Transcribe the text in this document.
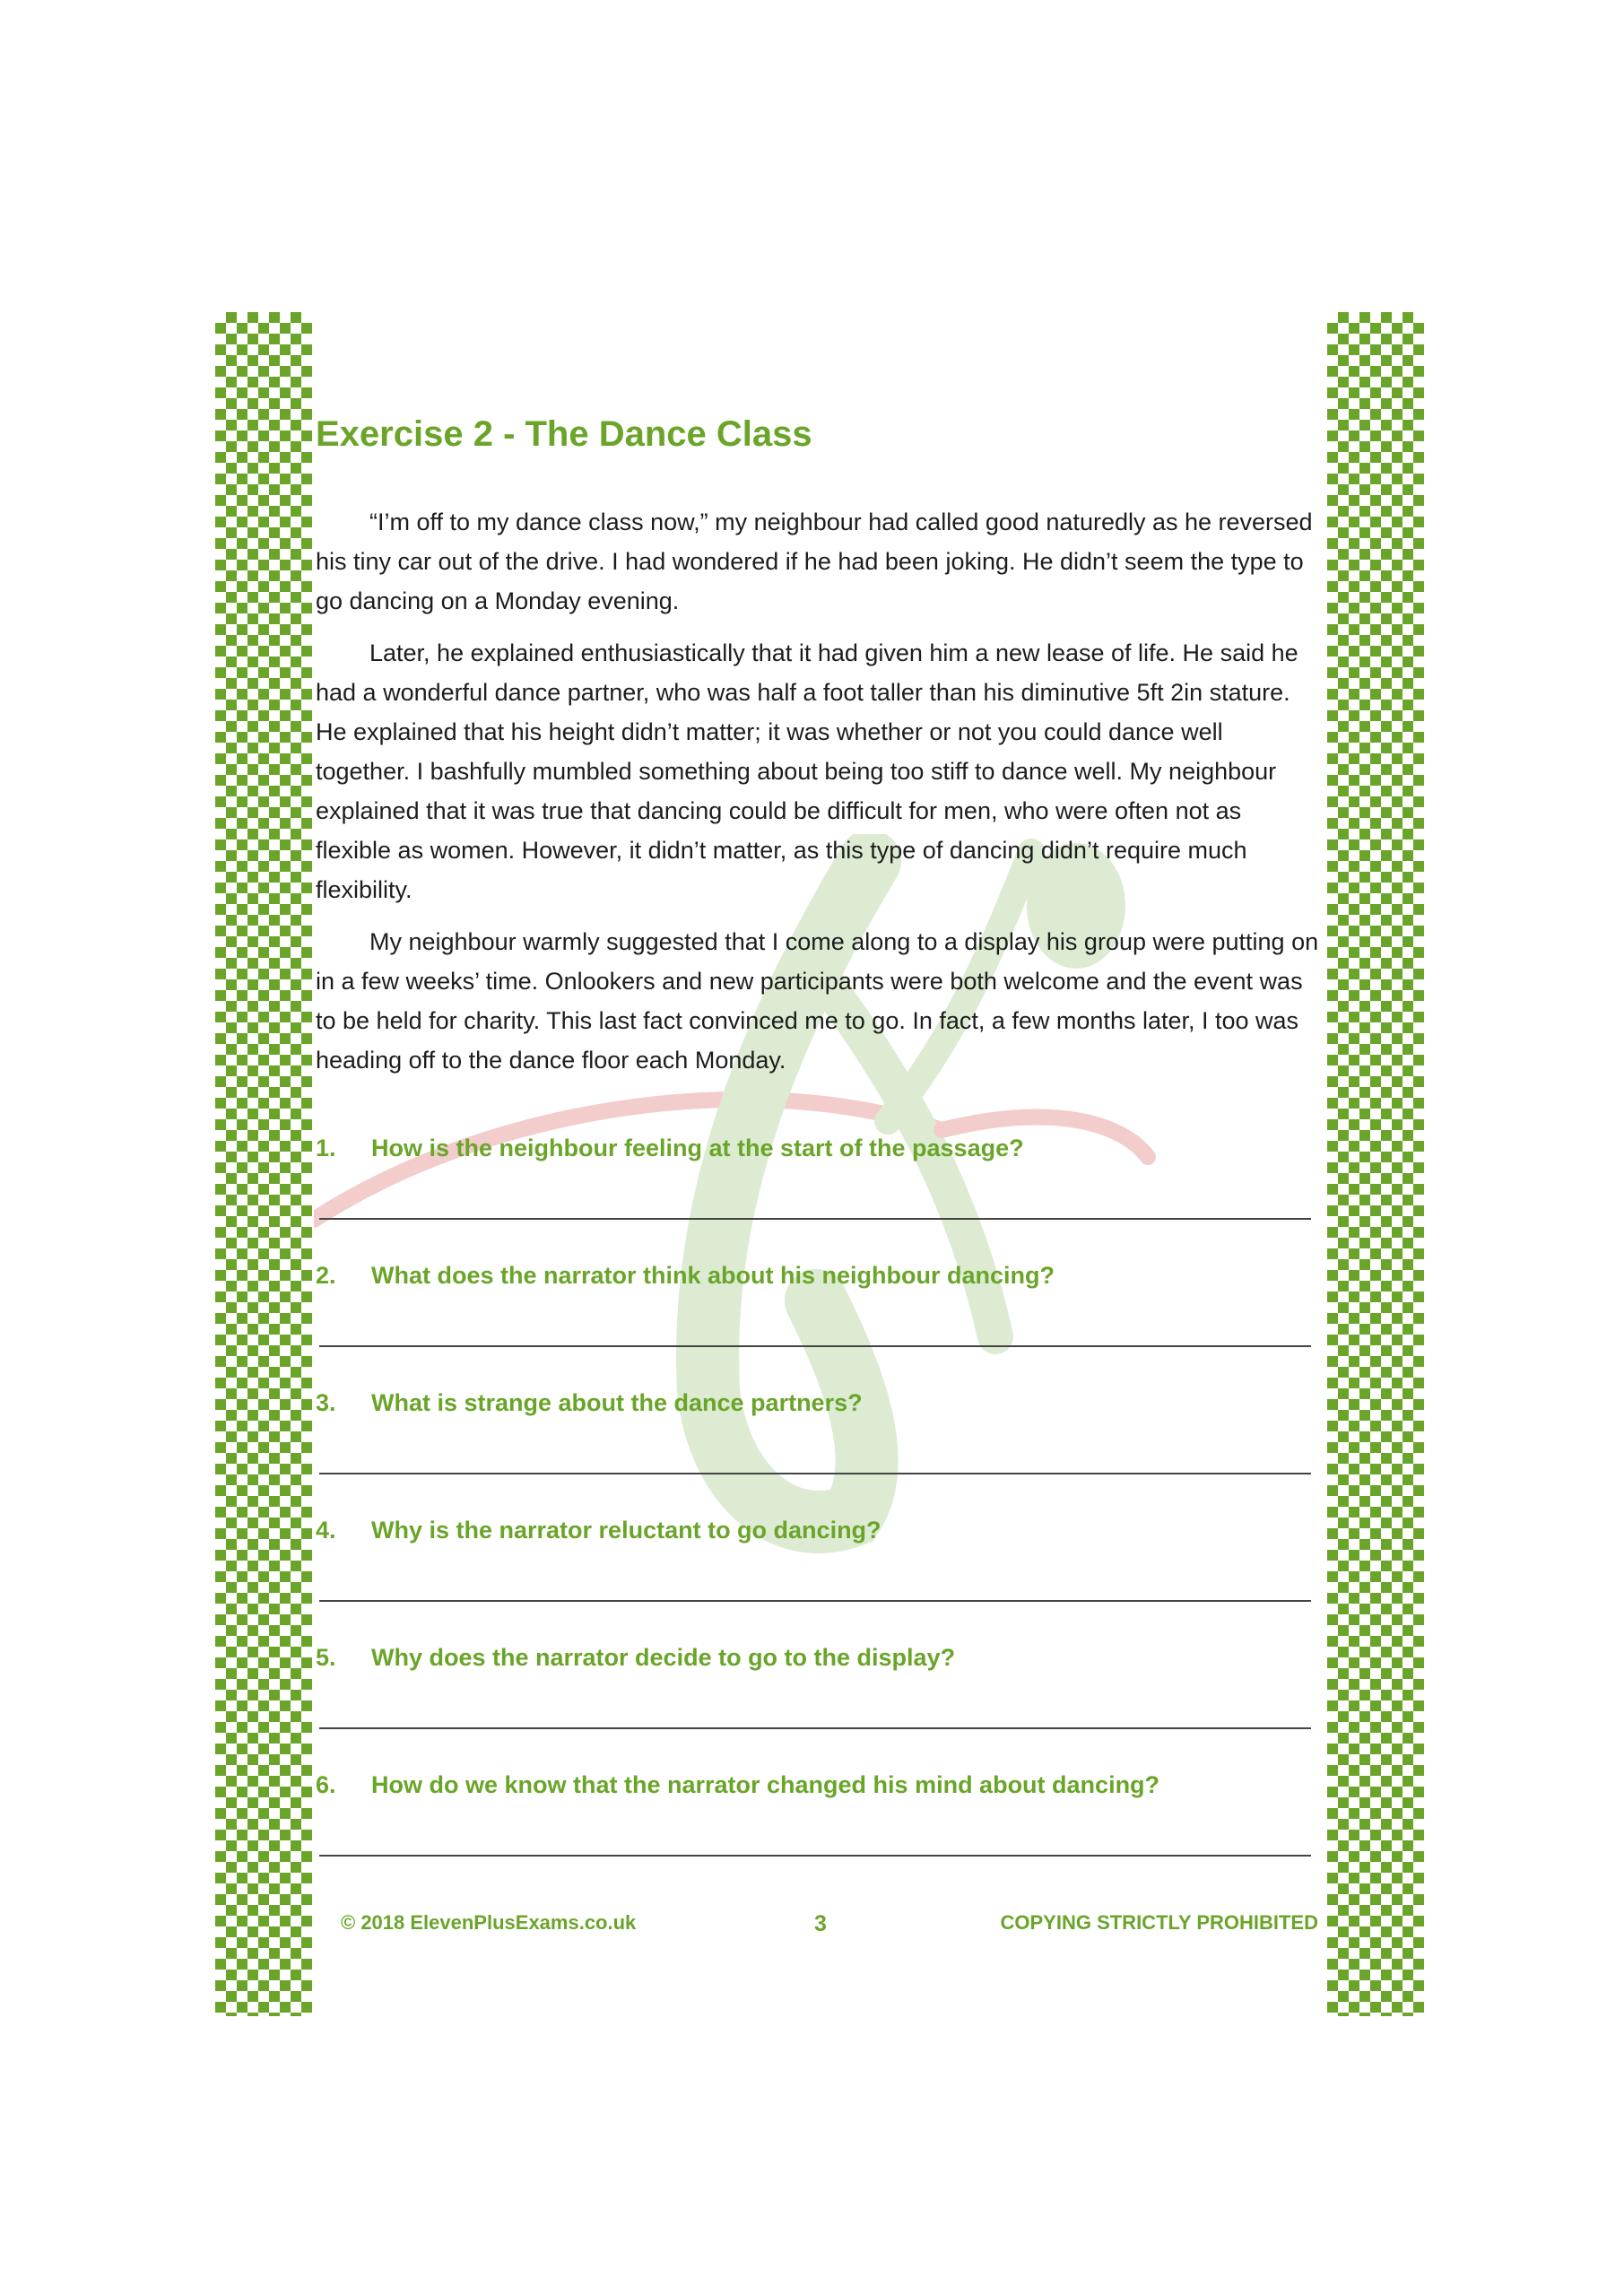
Exercise 2 - The Dance Class

“I’m off to my dance class now,” my neighbour had called good naturedly as he reversed his tiny car out of the drive. I had wondered if he had been joking. He didn’t seem the type to go dancing on a Monday evening.

Later, he explained enthusiastically that it had given him a new lease of life. He said he had a wonderful dance partner, who was half a foot taller than his diminutive 5ft 2in stature. He explained that his height didn’t matter; it was whether or not you could dance well together. I bashfully mumbled something about being too stiff to dance well. My neighbour explained that it was true that dancing could be difficult for men, who were often not as flexible as women. However, it didn’t matter, as this type of dancing didn’t require much flexibility.

My neighbour warmly suggested that I come along to a display his group were putting on in a few weeks’ time. Onlookers and new participants were both welcome and the event was to be held for charity. This last fact convinced me to go. In fact, a few months later, I too was heading off to the dance floor each Monday.

1.	How is the neighbour feeling at the start of the passage?
2.	What does the narrator think about his neighbour dancing?
3.	What is strange about the dance partners?
4.	Why is the narrator reluctant to go dancing?
5.	Why does the narrator decide to go to the display?
6.	How do we know that the narrator changed his mind about dancing?
© 2018 ElevenPlusExams.co.uk	3	COPYING STRICTLY PROHIBITED
